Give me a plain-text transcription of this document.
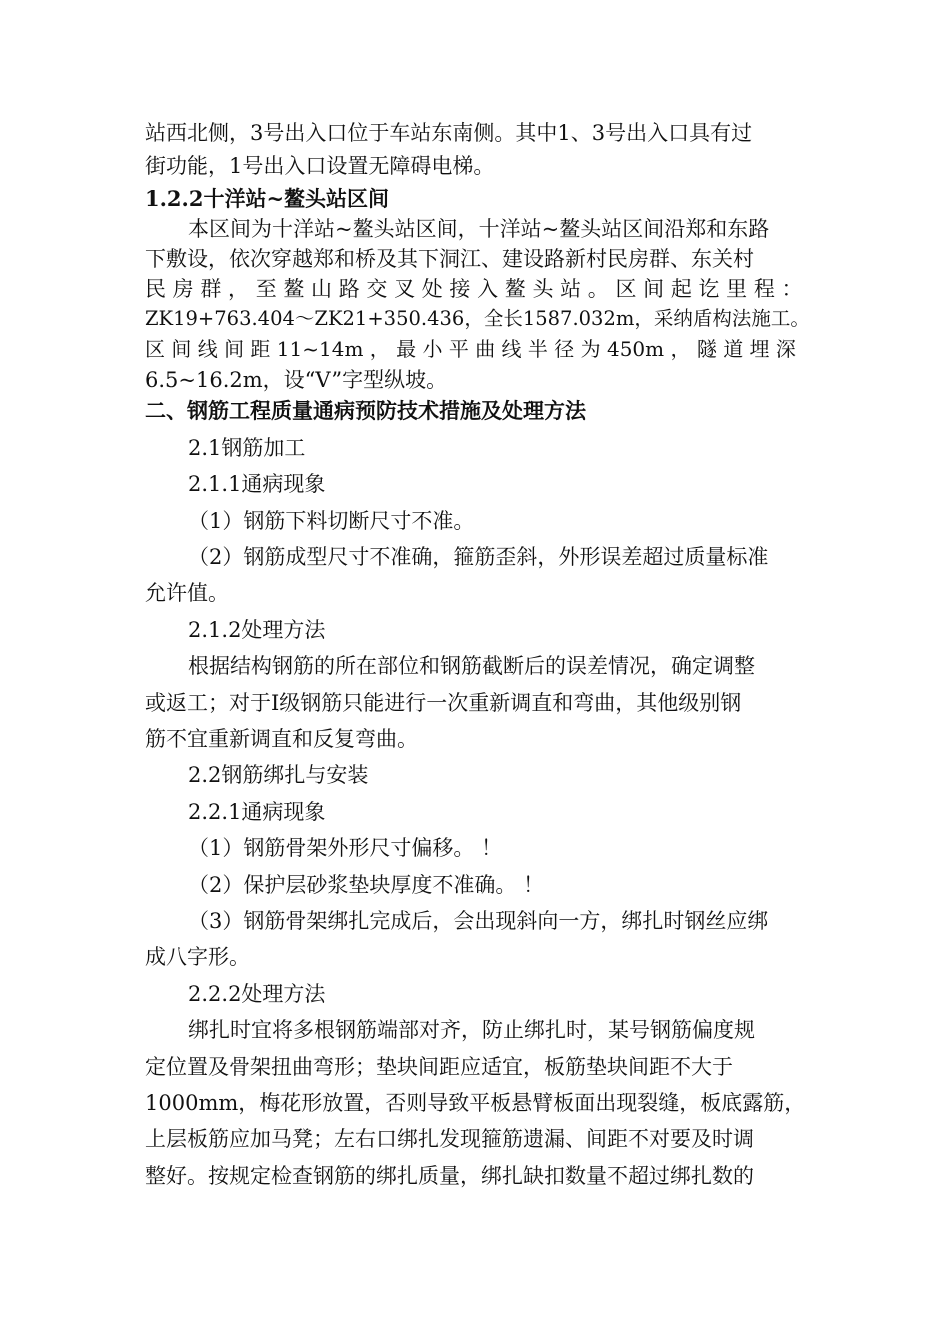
站西北侧，3号出入口位于车站东南侧。其中1、3号出入口具有过
街功能，1号出入口设置无障碍电梯。
1.2.2十洋站~鳌头站区间
本区间为十洋站~鳌头站区间，十洋站~鳌头站区间沿郑和东路
下敷设，依次穿越郑和桥及其下洞江、建设路新村民房群、东关村
民 房 群 ， 至 鳌 山 路 交 叉 处 接 入 鳌 头 站 。 区 间 起 讫 里 程 ：
ZK19+763.404～ZK21+350.436，全长1587.032m，采纳盾构法施工。
区 间 线 间 距 11~14m ， 最 小 平 曲 线 半 径 为 450m ， 隧 道 埋 深
6.5~16.2m，设“V”字型纵坡。
二、钢筋工程质量通病预防技术措施及处理方法
2.1钢筋加工
2.1.1通病现象
（1）钢筋下料切断尺寸不准。
（2）钢筋成型尺寸不准确，箍筋歪斜，外形误差超过质量标准
允许值。
2.1.2处理方法
根据结构钢筋的所在部位和钢筋截断后的误差情况，确定调整
或返工；对于Ⅰ级钢筋只能进行一次重新调直和弯曲，其他级别钢
筋不宜重新调直和反复弯曲。
2.2钢筋绑扎与安装
2.2.1通病现象
（1）钢筋骨架外形尺寸偏移。 ！
（2）保护层砂浆垫块厚度不准确。 ！
（3）钢筋骨架绑扎完成后，会出现斜向一方，绑扎时钢丝应绑
成八字形。
2.2.2处理方法
绑扎时宜将多根钢筋端部对齐，防止绑扎时，某号钢筋偏度规
定位置及骨架扭曲弯形；垫块间距应适宜，板筋垫块间距不大于
1000mm，梅花形放置，否则导致平板悬臂板面出现裂缝，板底露筋，
上层板筋应加马凳；左右口绑扎发现箍筋遗漏、间距不对要及时调
整好。按规定检查钢筋的绑扎质量，绑扎缺扣数量不超过绑扎数的
